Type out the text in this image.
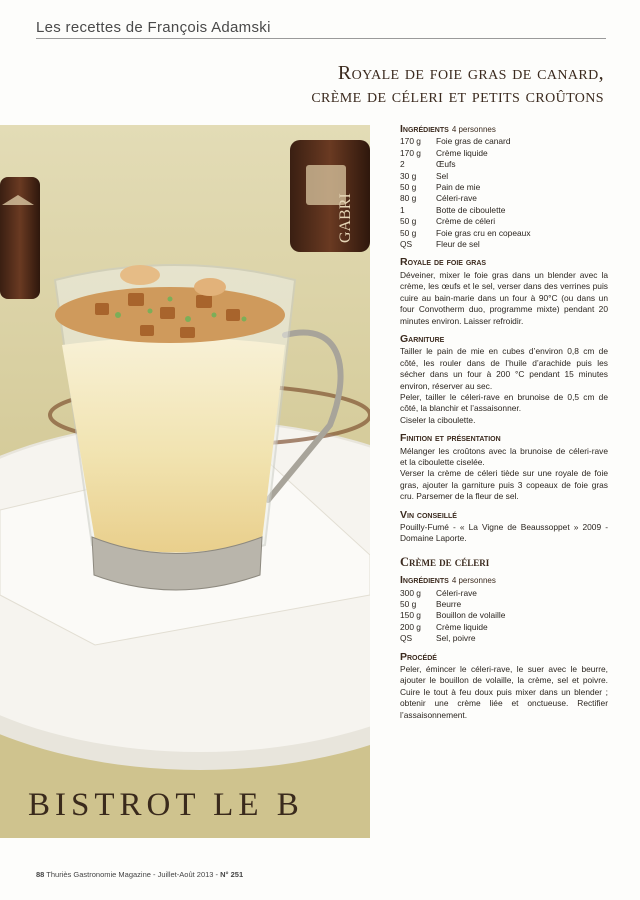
Les recettes de François Adamski
Royale de foie gras de canard,
crème de céleri et petits croûtons
GABRI
BISTROT LE B
Ingrédients 4 personnes
170 g	Foie gras de canard
170 g	Crème liquide
2	Œufs
30 g	Sel
50 g	Pain de mie
80 g	Céleri-rave
1	Botte de ciboulette
50 g	Crème de céleri
50 g	Foie gras cru en copeaux
QS	Fleur de sel
Royale de foie gras

Déveiner, mixer le foie gras dans un blender avec la crème, les œufs et le sel, verser dans des verrines puis cuire au bain-marie dans un four à 90°C (ou dans un four Convotherm duo, programme mixte) pendant 20 minutes environ. Laisser refroidir.

Garniture

Tailler le pain de mie en cubes d’environ 0,8 cm de côté, les rouler dans de l’huile d’arachide puis les sécher dans un four à 200 °C pendant 15 minutes environ, réserver au sec.

Peler, tailler le céleri-rave en brunoise de 0,5 cm de côté, la blanchir et l’assaisonner.

Ciseler la ciboulette.

Finition et présentation

Mélanger les croûtons avec la brunoise de céleri-rave et la ciboulette ciselée.

Verser la crème de céleri tiède sur une royale de foie gras, ajouter la garniture puis 3 copeaux de foie gras cru. Parsemer de la fleur de sel.

Vin conseillé

Pouilly-Fumé - « La Vigne de Beaussoppet » 2009 - Domaine Laporte.

Crème de céleri
Ingrédients 4 personnes
300 g	Céleri-rave
50 g	Beurre
150 g	Bouillon de volaille
200 g	Crème liquide
QS	Sel, poivre
Procédé

Peler, émincer le céleri-rave, le suer avec le beurre, ajouter le bouillon de volaille, la crème, sel et poivre. Cuire le tout à feu doux puis mixer dans un blender ; obtenir une crème liée et onctueuse. Rectifier l’assaisonnement.

88 Thuriès Gastronomie Magazine - Juillet-Août 2013 - N° 251
